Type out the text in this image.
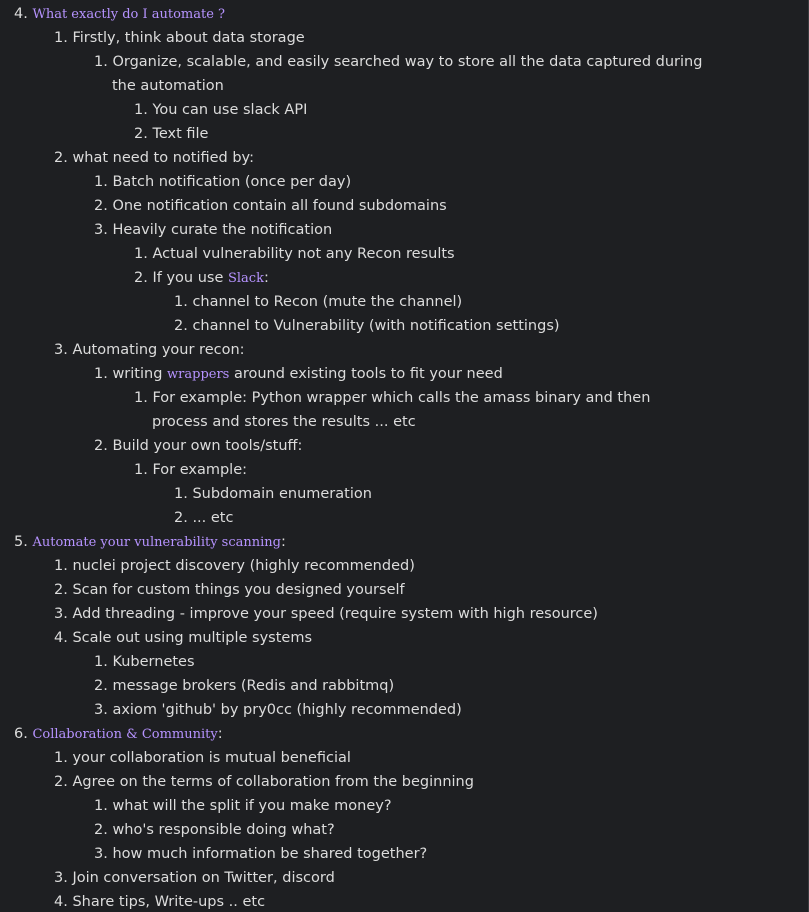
4. What exactly do I automate ?
1. Firstly, think about data storage
1. Organize, scalable, and easily searched way to store all the data captured during
the automation
1. You can use slack API
2. Text file
2. what need to notified by:
1. Batch notification (once per day)
2. One notification contain all found subdomains
3. Heavily curate the notification
1. Actual vulnerability not any Recon results
2. If you use Slack:
1. channel to Recon (mute the channel)
2. channel to Vulnerability (with notification settings)
3. Automating your recon:
1. writing wrappers around existing tools to fit your need
1. For example: Python wrapper which calls the amass binary and then
process and stores the results ... etc
2. Build your own tools/stuff:
1. For example:
1. Subdomain enumeration
2. ... etc
5. Automate your vulnerability scanning:
1. nuclei project discovery (highly recommended)
2. Scan for custom things you designed yourself
3. Add threading - improve your speed (require system with high resource)
4. Scale out using multiple systems
1. Kubernetes
2. message brokers (Redis and rabbitmq)
3. axiom 'github' by pry0cc (highly recommended)
6. Collaboration & Community:
1. your collaboration is mutual beneficial
2. Agree on the terms of collaboration from the beginning
1. what will the split if you make money?
2. who's responsible doing what?
3. how much information be shared together?
3. Join conversation on Twitter, discord
4. Share tips, Write-ups .. etc
